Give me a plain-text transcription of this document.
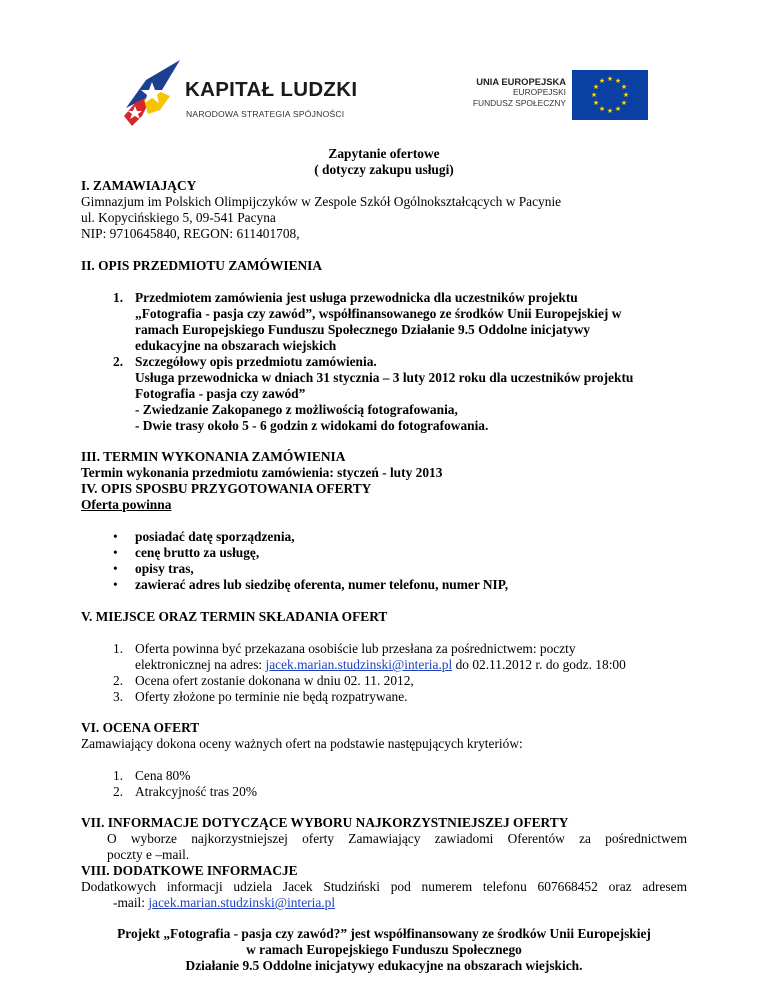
KAPITAŁ LUDZKI
NARODOWA STRATEGIA SPÓJNOŚCI
UNIA EUROPEJSKA
EUROPEJSKI
FUNDUSZ SPOŁECZNY
★ ★
★
★
★
★
★
★
★
★
★
★
Zapytanie ofertowe
( dotyczy zakupu usługi)
I. ZAMAWIAJĄCY
Gimnazjum im Polskich Olimpijczyków w Zespole Szkół Ogólnokształcących w Pacynie
ul. Kopycińskiego 5, 09-541 Pacyna
NIP: 9710645840, REGON: 611401708,
II. OPIS PRZEDMIOTU ZAMÓWIENIA
1. Przedmiotem zamówienia jest usługa przewodnicka dla uczestników projektu
„Fotografia - pasja czy zawód”, współfinansowanego ze środków Unii Europejskiej w
ramach Europejskiego Funduszu Społecznego Działanie 9.5 Oddolne inicjatywy
edukacyjne na obszarach wiejskich
2. Szczegółowy opis przedmiotu zamówienia.
Usługa przewodnicka w dniach 31 stycznia – 3 luty 2012 roku dla uczestników projektu
Fotografia - pasja czy zawód”
- Zwiedzanie Zakopanego z możliwością fotografowania,
- Dwie trasy około 5 - 6 godzin z widokami do fotografowania.
III. TERMIN WYKONANIA ZAMÓWIENIA
Termin wykonania przedmiotu zamówienia: styczeń - luty 2013
IV. OPIS SPOSBU PRZYGOTOWANIA OFERTY
Oferta powinna
• posiadać datę sporządzenia,
• cenę brutto za usługę,
• opisy tras,
• zawierać adres lub siedzibę oferenta, numer telefonu, numer NIP,
V. MIEJSCE ORAZ TERMIN SKŁADANIA OFERT
1. Oferta powinna być przekazana osobiście lub przesłana za pośrednictwem: poczty
elektronicznej na adres: jacek.marian.studzinski@interia.pl do 02.11.2012 r. do godz. 18:00
2. Ocena ofert zostanie dokonana w dniu 02. 11. 2012,
3. Oferty złożone po terminie nie będą rozpatrywane.
VI. OCENA OFERT
Zamawiający dokona oceny ważnych ofert na podstawie następujących kryteriów:
1. Cena 80%
2. Atrakcyjność tras 20%
VII. INFORMACJE DOTYCZĄCE WYBORU NAJKORZYSTNIEJSZEJ OFERTY
O wyborze najkorzystniejszej oferty Zamawiający zawiadomi Oferentów za pośrednictwem
poczty e –mail.
VIII. DODATKOWE INFORMACJE
Dodatkowych informacji udziela Jacek Studziński pod numerem telefonu 607668452 oraz adresem
-mail: jacek.marian.studzinski@interia.pl
Projekt „Fotografia - pasja czy zawód?” jest współfinansowany ze środków Unii Europejskiej
w ramach Europejskiego Funduszu Społecznego
Działanie 9.5 Oddolne inicjatywy edukacyjne na obszarach wiejskich.
